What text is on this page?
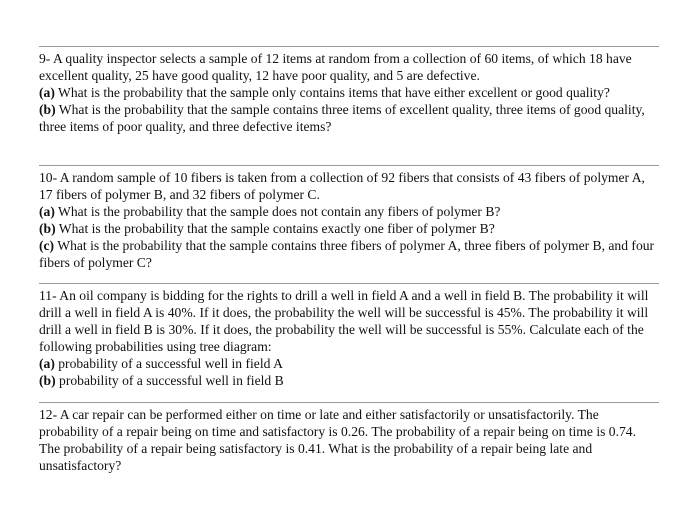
9- A quality inspector selects a sample of 12 items at random from a collection of 60 items, of which 18 have excellent quality, 25 have good quality, 12 have poor quality, and 5 are defective.

(a) What is the probability that the sample only contains items that have either excellent or good quality?

(b) What is the probability that the sample contains three items of excellent quality, three items of good quality, three items of poor quality, and three defective items?

10- A random sample of 10 fibers is taken from a collection of 92 fibers that consists of 43 fibers of polymer A, 17 fibers of polymer B, and 32 fibers of polymer C.

(a) What is the probability that the sample does not contain any fibers of polymer B?

(b) What is the probability that the sample contains exactly one fiber of polymer B?

(c) What is the probability that the sample contains three fibers of polymer A, three fibers of polymer B, and four fibers of polymer C?

11- An oil company is bidding for the rights to drill a well in field A and a well in field B. The probability it will drill a well in field A is 40%. If it does, the probability the well will be successful is 45%. The probability it will drill a well in field B is 30%. If it does, the probability the well will be successful is 55%. Calculate each of the following probabilities using tree diagram:

(a) probability of a successful well in field A

(b) probability of a successful well in field B

12- A car repair can be performed either on time or late and either satisfactorily or unsatisfactorily. The probability of a repair being on time and satisfactory is 0.26. The probability of a repair being on time is 0.74. The probability of a repair being satisfactory is 0.41. What is the probability of a repair being late and unsatisfactory?
